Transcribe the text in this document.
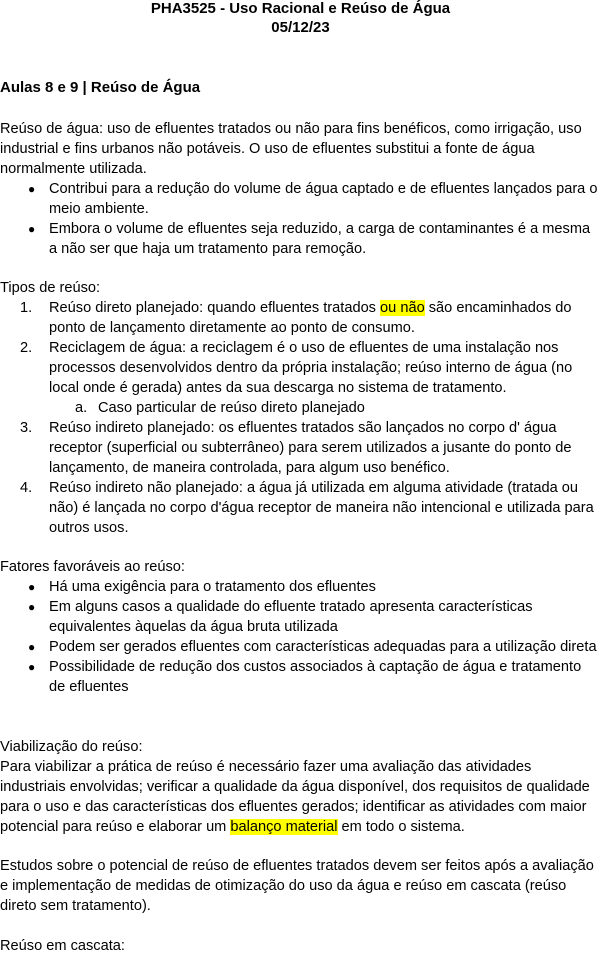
PHA3525 - Uso Racional e Reúso de Água

05/12/23

Aulas 8 e 9 | Reúso de Água

Reúso de água: uso de efluentes tratados ou não para fins benéficos, como irrigação, uso industrial e fins urbanos não potáveis. O uso de efluentes substitui a fonte de água normalmente utilizada.

● Contribui para a redução do volume de água captado e de efluentes lançados para o meio ambiente.
● Embora o volume de efluentes seja reduzido, a carga de contaminantes é a mesma a não ser que haja um tratamento para remoção.

Tipos de reúso:

1. Reúso direto planejado: quando efluentes tratados ou não são encaminhados do ponto de lançamento diretamente ao ponto de consumo.
2. Reciclagem de água: a reciclagem é o uso de efluentes de uma instalação nos processos desenvolvidos dentro da própria instalação; reúso interno de água (no local onde é gerada) antes da sua descarga no sistema de tratamento.
a. Caso particular de reúso direto planejado
3. Reúso indireto planejado: os efluentes tratados são lançados no corpo d' água receptor (superficial ou subterrâneo) para serem utilizados a jusante do ponto de lançamento, de maneira controlada, para algum uso benéfico.
4. Reúso indireto não planejado: a água já utilizada em alguma atividade (tratada ou não) é lançada no corpo d'água receptor de maneira não intencional e utilizada para outros usos.

Fatores favoráveis ao reúso:

● Há uma exigência para o tratamento dos efluentes
● Em alguns casos a qualidade do efluente tratado apresenta características equivalentes àquelas da água bruta utilizada
● Podem ser gerados efluentes com características adequadas para a utilização direta
● Possibilidade de redução dos custos associados à captação de água e tratamento de efluentes

Viabilização do reúso:

Para viabilizar a prática de reúso é necessário fazer uma avaliação das atividades industriais envolvidas; verificar a qualidade da água disponível, dos requisitos de qualidade para o uso e das características dos efluentes gerados; identificar as atividades com maior potencial para reúso e elaborar um balanço material em todo o sistema.

Estudos sobre o potencial de reúso de efluentes tratados devem ser feitos após a avaliação e implementação de medidas de otimização do uso da água e reúso em cascata (reúso direto sem tratamento).

Reúso em cascata:
